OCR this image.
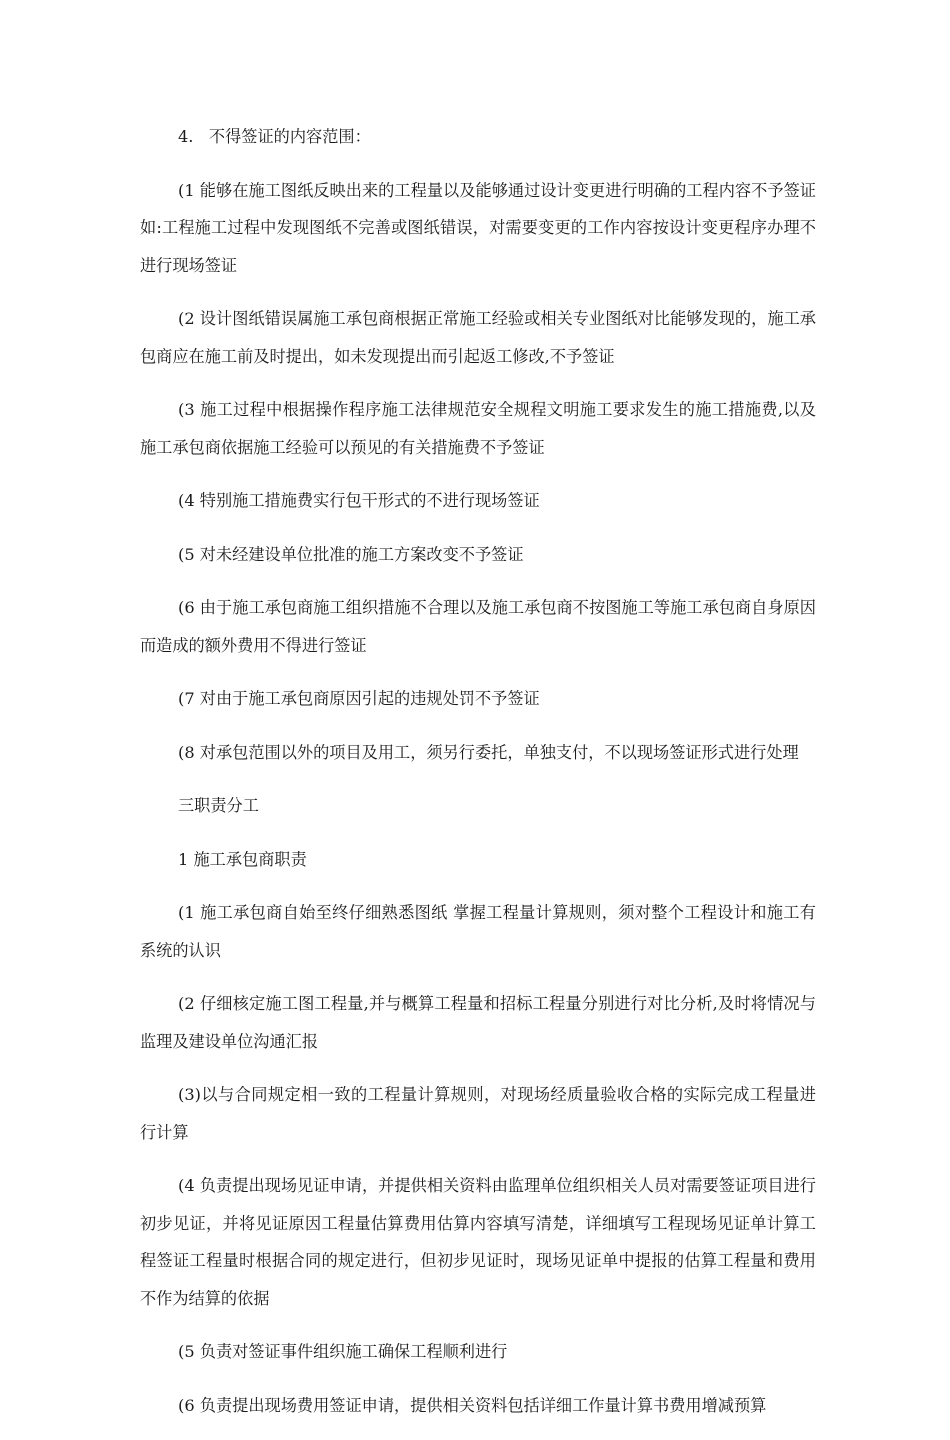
4.   不得签证的内容范围：

(1 能够在施工图纸反映出来的工程量以及能够通过设计变更进行明确的工程内容不予签证如:工程施工过程中发现图纸不完善或图纸错误，对需要变更的工作内容按设计变更程序办理不进行现场签证

(2 设计图纸错误属施工承包商根据正常施工经验或相关专业图纸对比能够发现的，施工承包商应在施工前及时提出，如未发现提出而引起返工修改,不予签证

(3 施工过程中根据操作程序施工法律规范安全规程文明施工要求发生的施工措施费,以及施工承包商依据施工经验可以预见的有关措施费不予签证

(4 特别施工措施费实行包干形式的不进行现场签证

(5 对未经建设单位批准的施工方案改变不予签证

(6 由于施工承包商施工组织措施不合理以及施工承包商不按图施工等施工承包商自身原因而造成的额外费用不得进行签证

(7 对由于施工承包商原因引起的违规处罚不予签证

(8 对承包范围以外的项目及用工，须另行委托，单独支付，不以现场签证形式进行处理

三职责分工

1 施工承包商职责

(1 施工承包商自始至终仔细熟悉图纸 掌握工程量计算规则，须对整个工程设计和施工有系统的认识

(2 仔细核定施工图工程量,并与概算工程量和招标工程量分别进行对比分析,及时将情况与监理及建设单位沟通汇报

(3)以与合同规定相一致的工程量计算规则，对现场经质量验收合格的实际完成工程量进行计算

(4 负责提出现场见证申请，并提供相关资料由监理单位组织相关人员对需要签证项目进行初步见证，并将见证原因工程量估算费用估算内容填写清楚，详细填写工程现场见证单计算工程签证工程量时根据合同的规定进行，但初步见证时，现场见证单中提报的估算工程量和费用不作为结算的依据

(5 负责对签证事件组织施工确保工程顺利进行

(6 负责提出现场费用签证申请，提供相关资料包括详细工作量计算书费用增减预算
